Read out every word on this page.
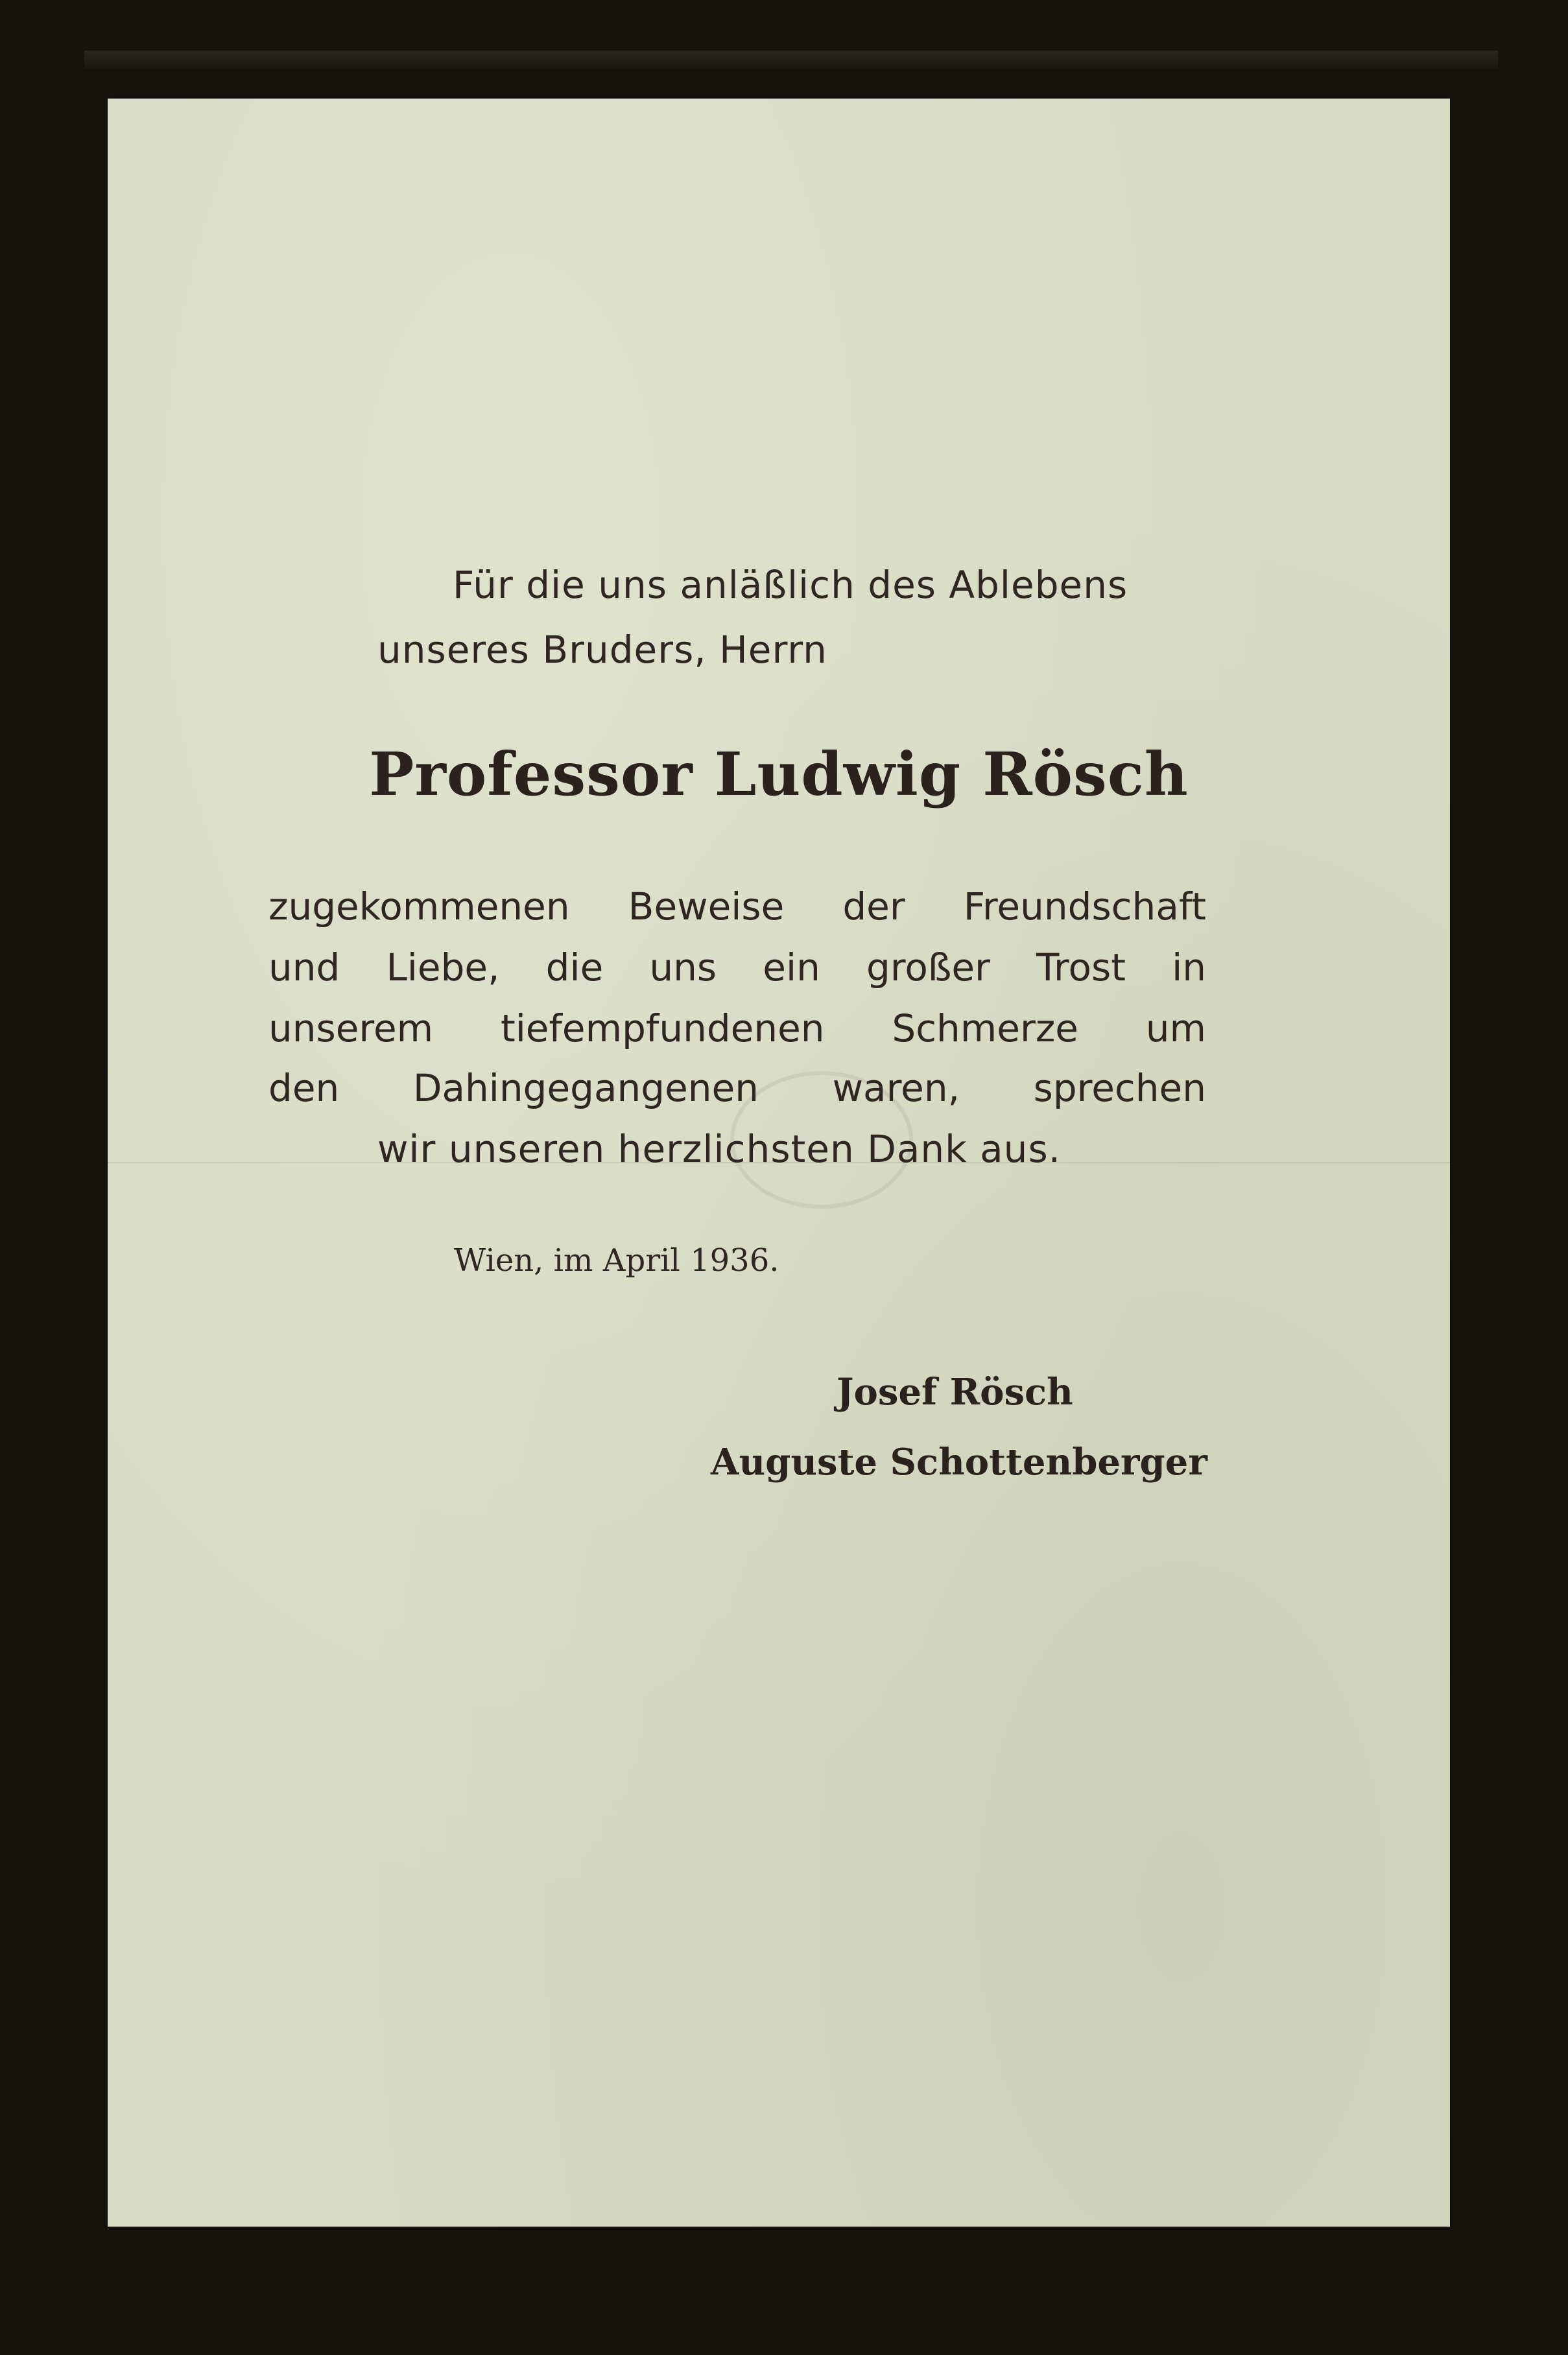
Für die uns anläßlich des Ablebens
unseres Bruders, Herrn
Professor Ludwig Rösch
zugekommenen Beweise der Freundschaft
und Liebe, die uns ein großer Trost in
unserem tiefempfundenen Schmerze um
den Dahingegangenen waren, sprechen
wir unseren herzlichsten Dank aus.
Wien, im April 1936.
Josef Rösch
Auguste Schottenberger
